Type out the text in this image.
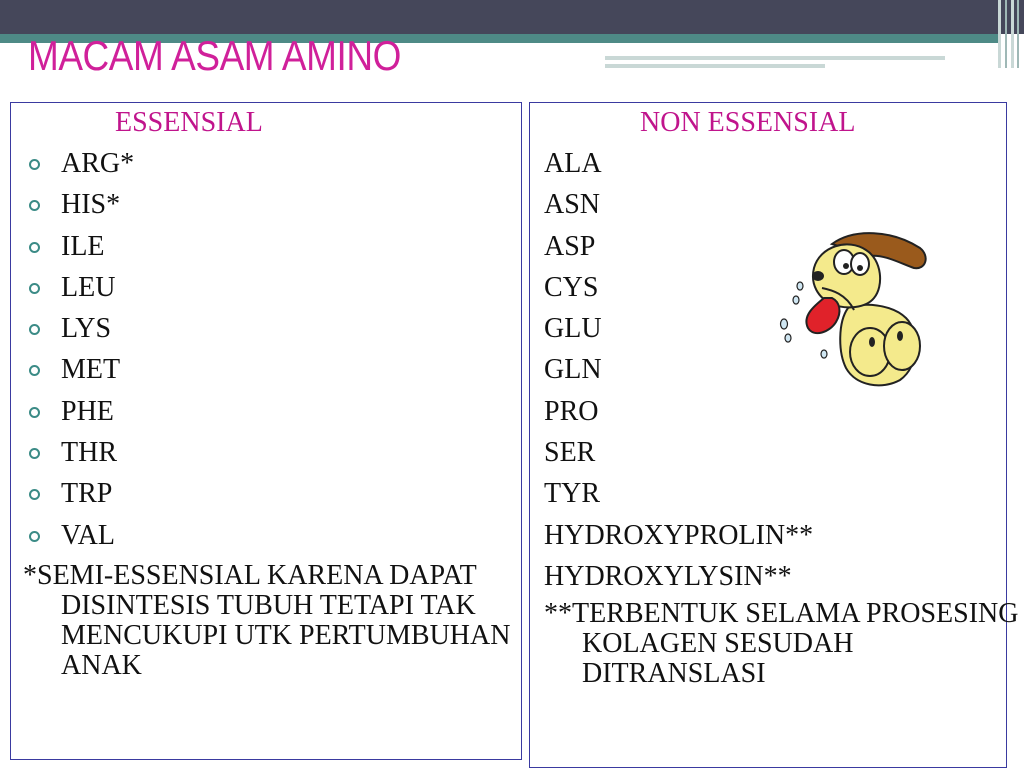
MACAM ASAM AMINO
ESSENSIAL
ARG*
HIS*
ILE
LEU
LYS
MET
PHE
THR
TRP
VAL
*SEMI-ESSENSIAL KARENA DAPAT DISINTESIS TUBUH TETAPI TAK MENCUKUPI UTK PERTUMBUHAN ANAK
NON ESSENSIAL
ALA
ASN
ASP
CYS
GLU
GLN
PRO
SER
TYR
HYDROXYPROLIN**
HYDROXYLYSIN**
**TERBENTUK SELAMA PROSESING KOLAGEN SESUDAH DITRANSLASI
